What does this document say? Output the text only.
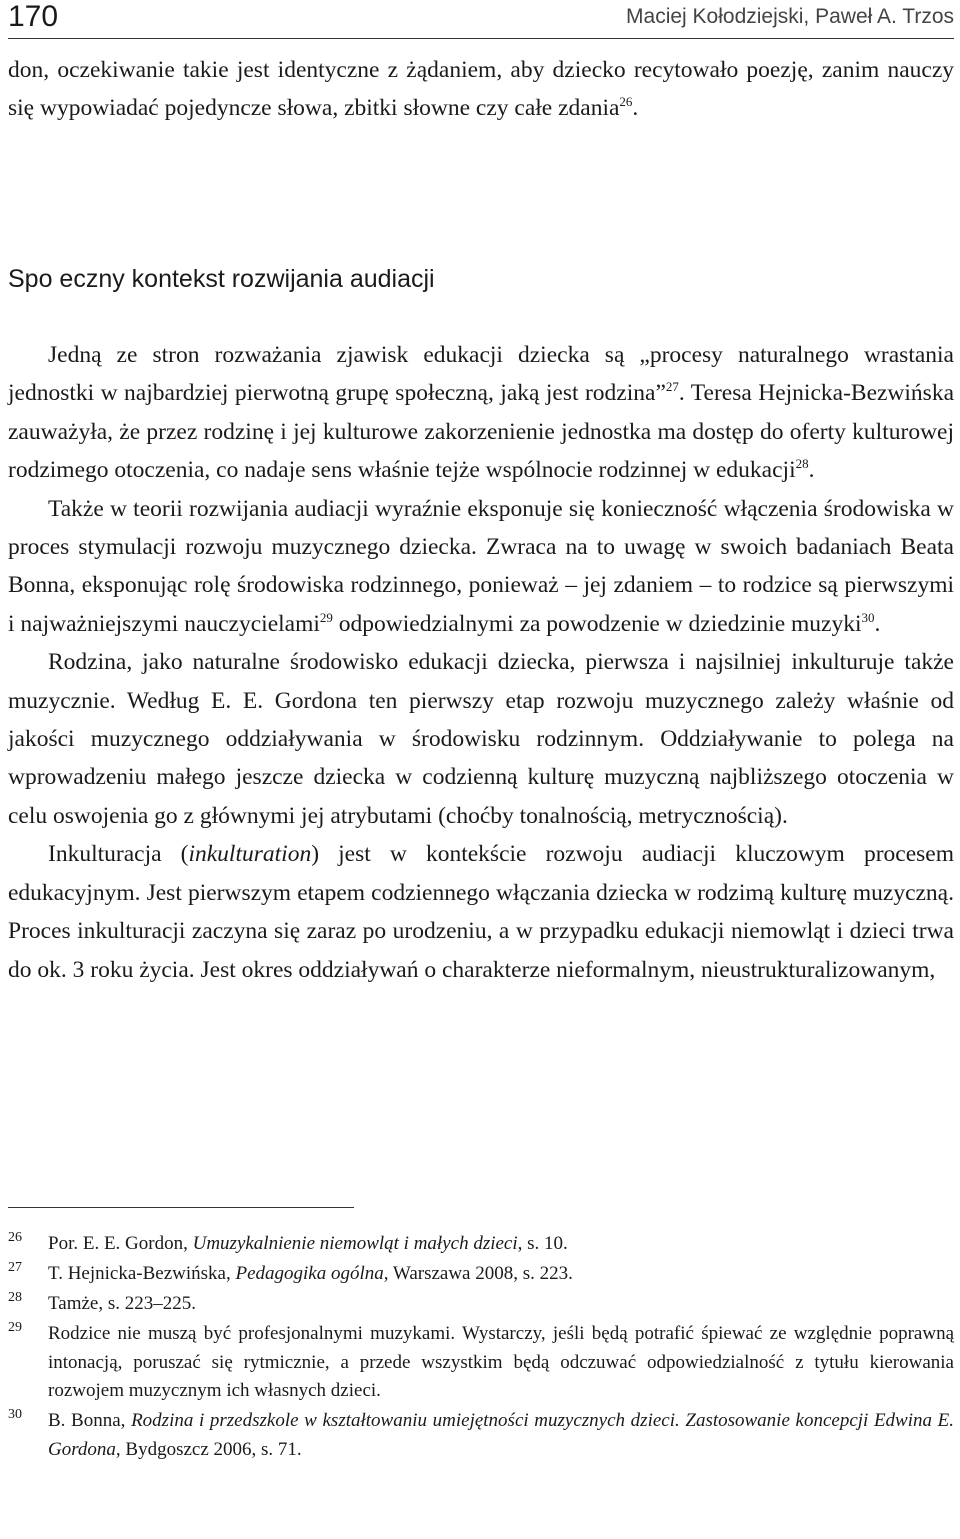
170	Maciej Kołodziejski, Paweł A. Trzos

don, oczekiwanie takie jest identyczne z żądaniem, aby dziecko recytowało poezję, zanim nauczy się wypowiadać pojedyncze słowa, zbitki słowne czy całe zdania$^{26}$.

Spo eczny kontekst rozwijania audiacji

Jedną ze stron rozważania zjawisk edukacji dziecka są „procesy naturalnego wrastania jednostki w najbardziej pierwotną grupę społeczną, jaką jest rodzina”$^{27}$. Teresa Hejnicka-Bezwińska zauważyła, że przez rodzinę i jej kulturowe zakorzenienie jednostka ma dostęp do oferty kulturowej rodzimego otoczenia, co nadaje sens właśnie tejże wspólnocie rodzinnej w edukacji$^{28}$.

Także w teorii rozwijania audiacji wyraźnie eksponuje się konieczność włączenia środowiska w proces stymulacji rozwoju muzycznego dziecka. Zwraca na to uwagę w swoich badaniach Beata Bonna, eksponując rolę środowiska rodzinnego, ponieważ – jej zdaniem – to rodzice są pierwszymi i najważniejszymi nauczycielami$^{29}$ odpowiedzialnymi za powodzenie w dziedzinie muzyki$^{30}$.

Rodzina, jako naturalne środowisko edukacji dziecka, pierwsza i najsilniej inkulturuje także muzycznie. Według E. E. Gordona ten pierwszy etap rozwoju muzycznego zależy właśnie od jakości muzycznego oddziaływania w środowisku rodzinnym. Oddziaływanie to polega na wprowadzeniu małego jeszcze dziecka w codzienną kulturę muzyczną najbliższego otoczenia w celu oswojenia go z głównymi jej atrybutami (choćby tonalnością, metrycznością).

Inkulturacja (inkulturation) jest w kontekście rozwoju audiacji kluczowym procesem edukacyjnym. Jest pierwszym etapem codziennego włączania dziecka w rodzimą kulturę muzyczną. Proces inkulturacji zaczyna się zaraz po urodzeniu, a w przypadku edukacji niemowląt i dzieci trwa do ok. 3 roku życia. Jest okres oddziaływań o charakterze nieformalnym, nieustrukturalizowanym,

26 Por. E. E. Gordon, Umuzykalnienie niemowląt i małych dzieci, s. 10.

27 T. Hejnicka-Bezwińska, Pedagogika ogólna, Warszawa 2008, s. 223.

28 Tamże, s. 223–225.

29 Rodzice nie muszą być profesjonalnymi muzykami. Wystarczy, jeśli będą potrafić śpiewać ze względnie poprawną intonacją, poruszać się rytmicznie, a przede wszystkim będą odczuwać odpowiedzialność z tytułu kierowania rozwojem muzycznym ich własnych dzieci.

30 B. Bonna, Rodzina i przedszkole w kształtowaniu umiejętności muzycznych dzieci. Zastosowanie koncepcji Edwina E. Gordona, Bydgoszcz 2006, s. 71.
